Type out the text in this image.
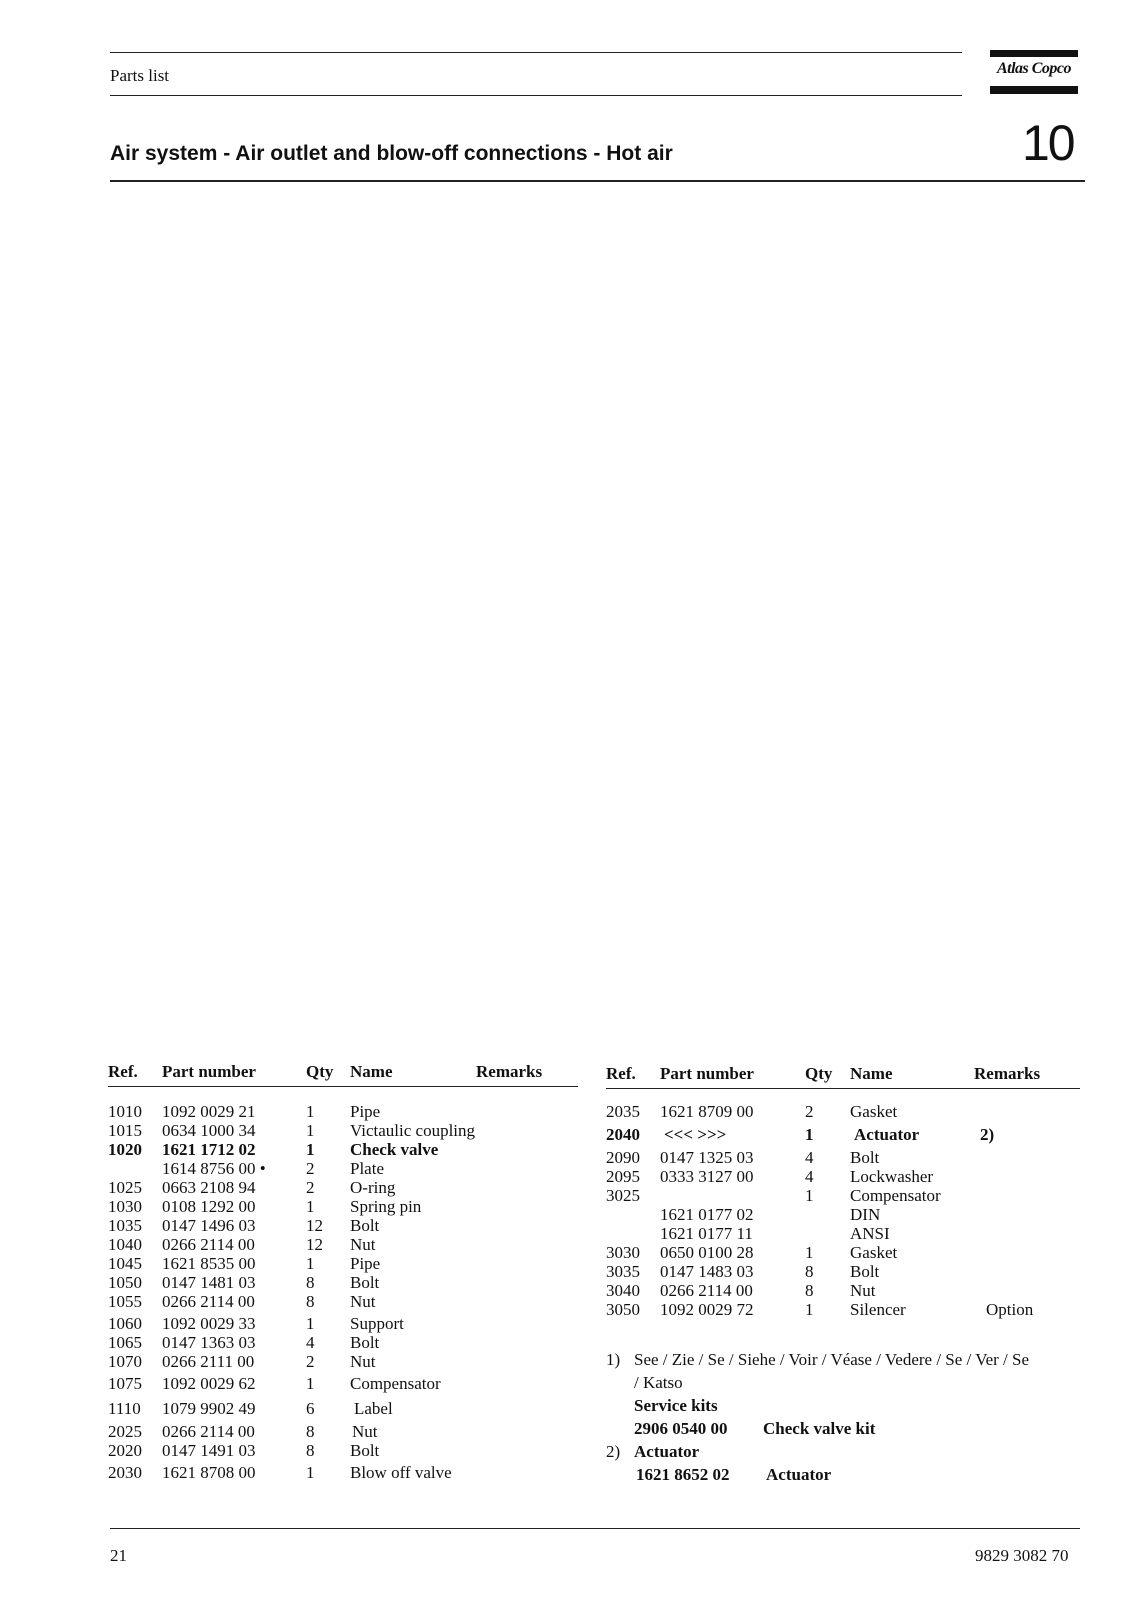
Parts list	Atlas Copco
Air system - Air outlet and blow-off connections - Hot air	10
Ref. Part number	Qty Name	Remarks
1010 1092 0029 21	1 Pipe
1015 0634 1000 34	1 Victaulic coupling
1020 1621 1712 02	1 Check valve
1614 8756 00 • 2 Plate
1025 0663 2108 94	2 O-ring
1030 0108 1292 00	1 Spring pin
1035 0147 1496 03	12 Bolt
1040 0266 2114 00	12 Nut
1045 1621 8535 00	1 Pipe
1050 0147 1481 03	8 Bolt
1055 0266 2114 00	8 Nut
1060 1092 0029 33	1 Support
1065 0147 1363 03	4 Bolt
1070 0266 2111 00	2 Nut
1075 1092 0029 62	1 Compensator
1110 1079 9902 49	6 Label
2025 0266 2114 00	8 Nut
2020 0147 1491 03	8 Bolt
2030 1621 8708 00	1 Blow off valve
Ref. Part number	Qty Name	Remarks
2035 1621 8709 00	2 Gasket
2040 <<< >>>	1 Actuator	2)
2090 0147 1325 03	4 Bolt
2095 0333 3127 00	4 Lockwasher
3025	1 Compensator
1621 0177 02	DIN
1621 0177 11	ANSI
3030 0650 0100 28	1 Gasket
3035 0147 1483 03	8 Bolt
3040 0266 2114 00	8 Nut
3050 1092 0029 72	1 Silencer	Option
1) See / Zie / Se / Siehe / Voir / Véase / Vedere / Se / Ver / Se
/ Katso
Service kits
2906 0540 00 Check valve kit
2) Actuator
1621 8652 02 Actuator
21	9829 3082 70
